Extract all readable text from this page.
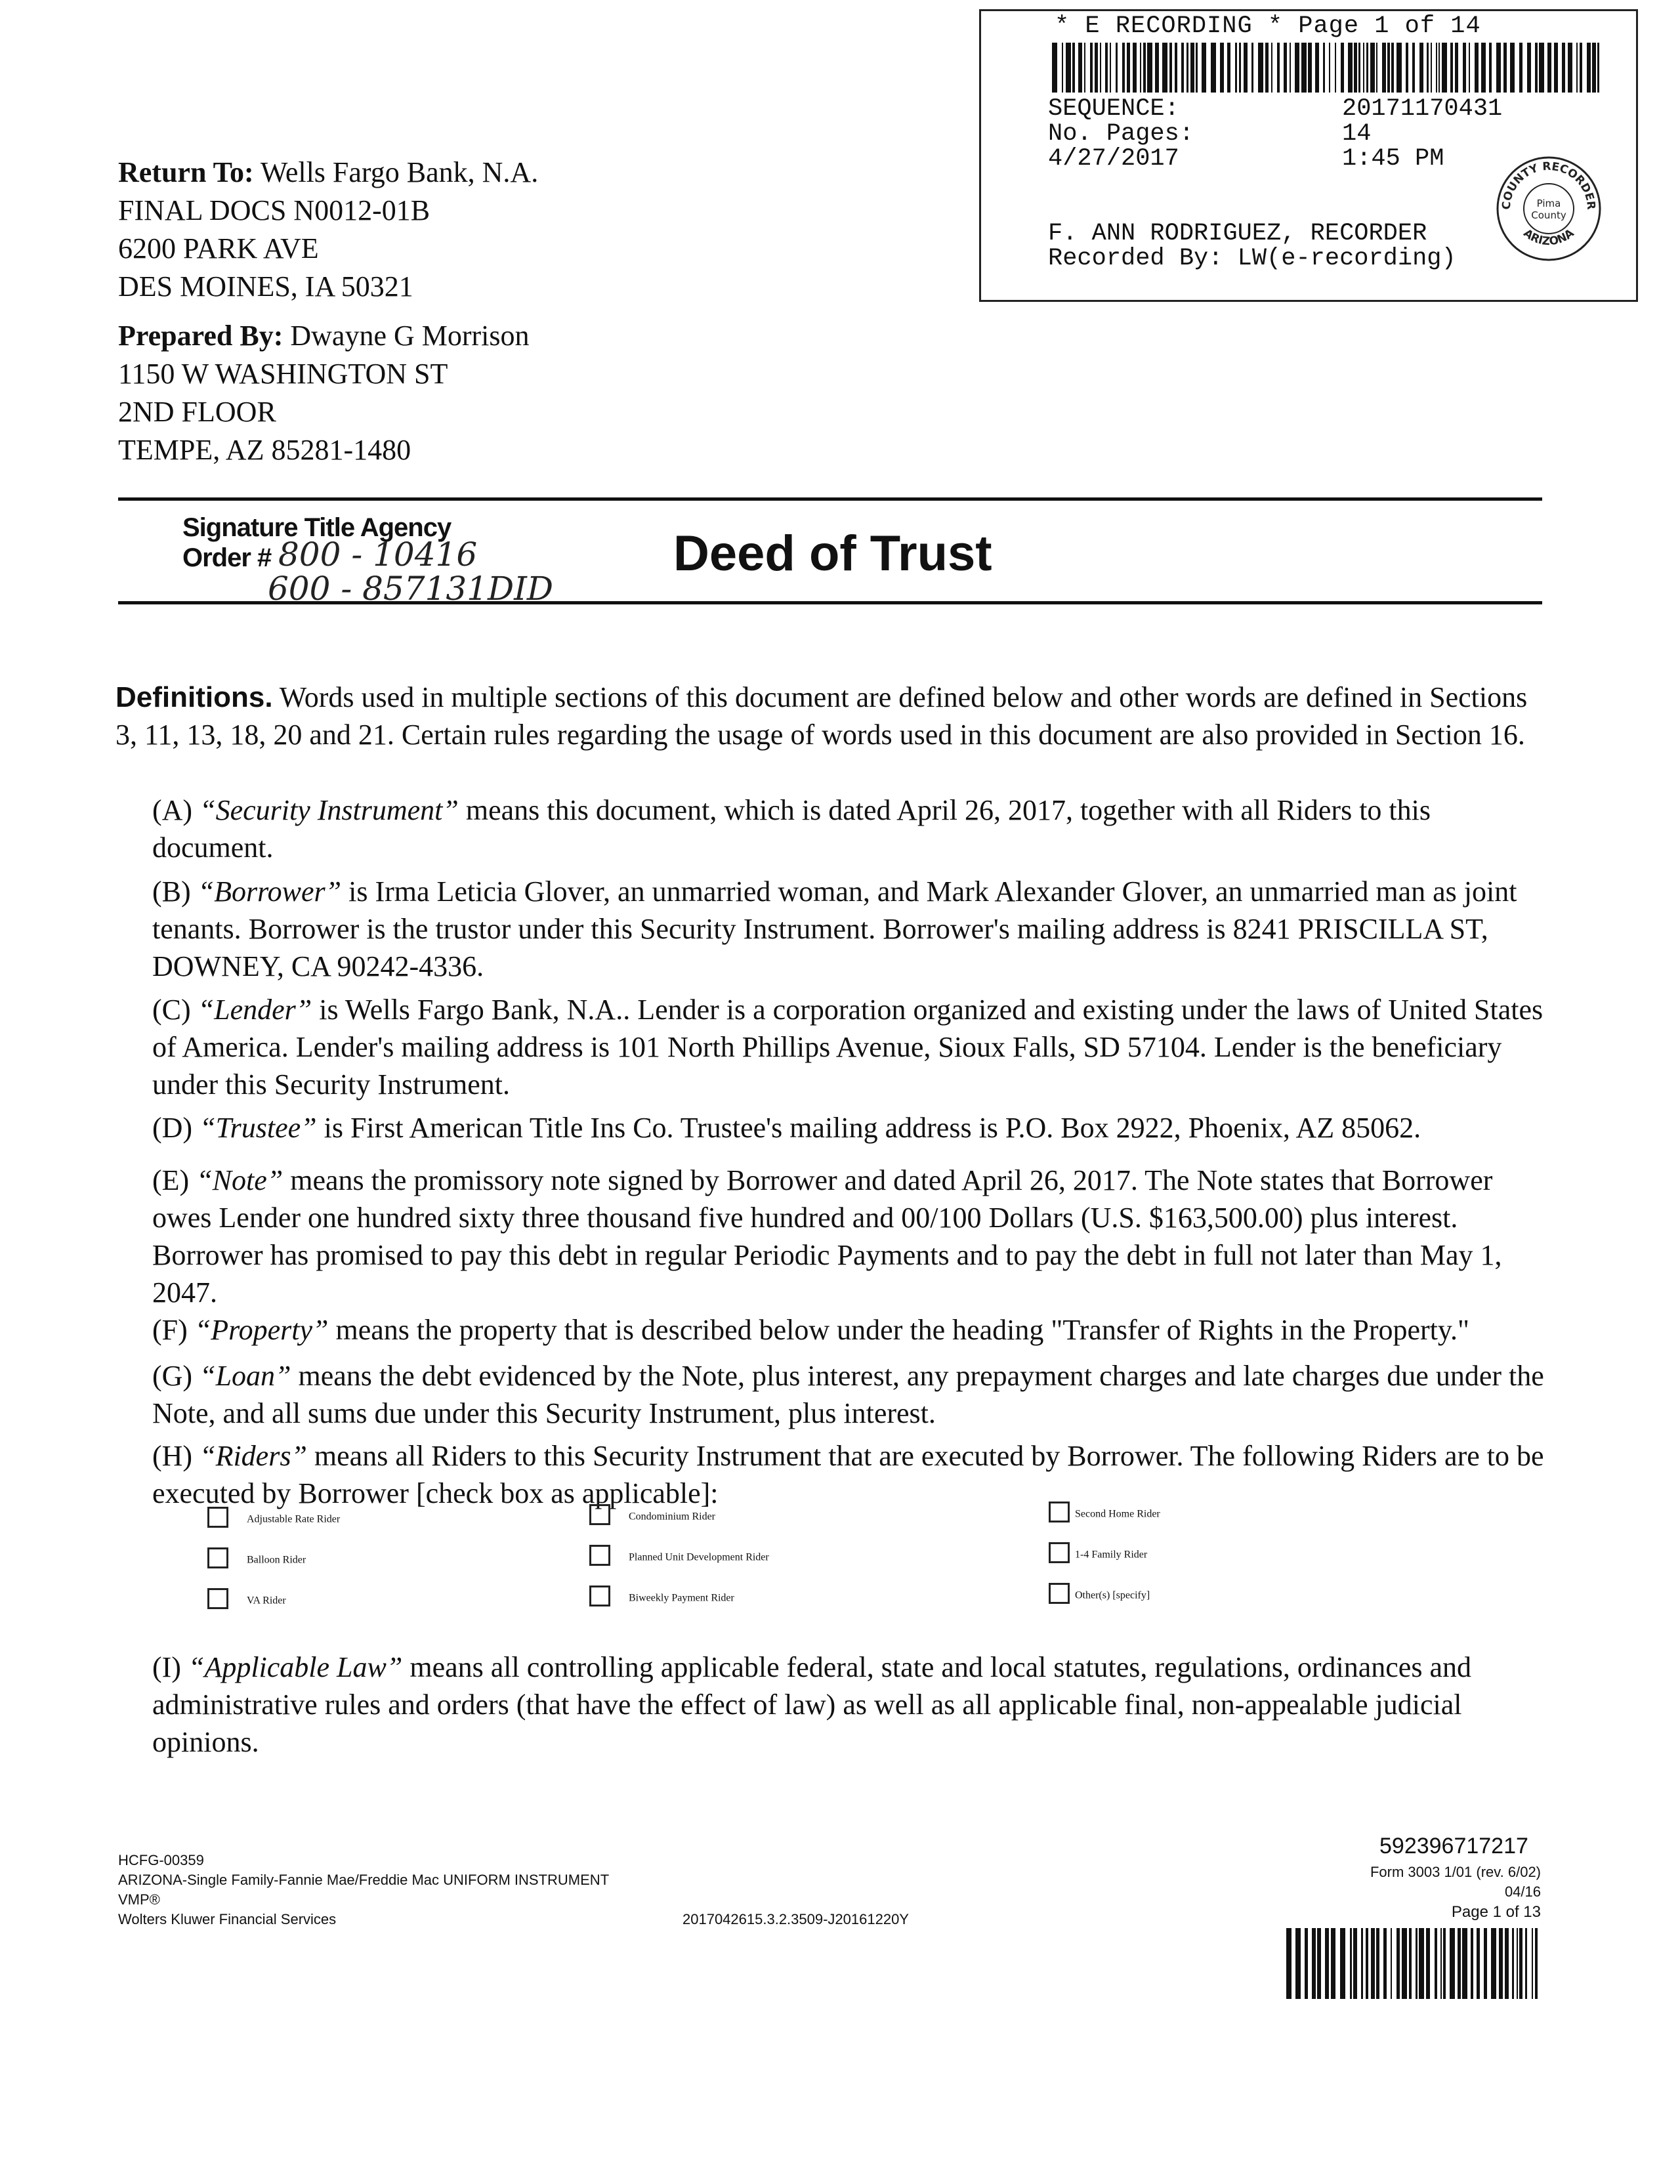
* E RECORDING * Page 1 of 14
SEQUENCE:	20171170431
No. Pages:	14
4/27/2017	1:45 PM
F. ANN RODRIGUEZ, RECORDER
Recorded By: LW(e-recording)
COUNTY RECORDER
ARIZONA
Pima
County
Return To: Wells Fargo Bank, N.A.
FINAL DOCS N0012-01B
6200 PARK AVE
DES MOINES, IA 50321
Prepared By: Dwayne G Morrison
1150 W WASHINGTON ST
2ND FLOOR
TEMPE, AZ 85281-1480
Signature Title Agency
Order # 800 - 10416
600 - 857131DID
Deed of Trust
Definitions. Words used in multiple sections of this document are defined below and other words are defined in Sections 3, 11, 13, 18, 20 and 21. Certain rules regarding the usage of words used in this document are also provided in Section 16.
(A) “Security Instrument” means this document, which is dated April 26, 2017, together with all Riders to this document.
(B) “Borrower” is Irma Leticia Glover, an unmarried woman, and Mark Alexander Glover, an unmarried man as joint tenants. Borrower is the trustor under this Security Instrument. Borrower's mailing address is 8241 PRISCILLA ST, DOWNEY, CA 90242-4336.
(C) “Lender” is Wells Fargo Bank, N.A.. Lender is a corporation organized and existing under the laws of United States of America. Lender's mailing address is 101 North Phillips Avenue, Sioux Falls, SD 57104. Lender is the beneficiary under this Security Instrument.
(D) “Trustee” is First American Title Ins Co. Trustee's mailing address is P.O. Box 2922, Phoenix, AZ 85062.
(E) “Note” means the promissory note signed by Borrower and dated April 26, 2017. The Note states that Borrower owes Lender one hundred sixty three thousand five hundred and 00/100 Dollars (U.S. $163,500.00) plus interest. Borrower has promised to pay this debt in regular Periodic Payments and to pay the debt in full not later than May 1, 2047.
(F) “Property” means the property that is described below under the heading "Transfer of Rights in the Property."
(G) “Loan” means the debt evidenced by the Note, plus interest, any prepayment charges and late charges due under the Note, and all sums due under this Security Instrument, plus interest.
(H) “Riders” means all Riders to this Security Instrument that are executed by Borrower. The following Riders are to be executed by Borrower [check box as applicable]:
Adjustable Rate Rider	Condominium Rider	Second Home Rider
Balloon Rider	Planned Unit Development Rider	1-4 Family Rider
VA Rider	Biweekly Payment Rider	Other(s) [specify]
(I) “Applicable Law” means all controlling applicable federal, state and local statutes, regulations, ordinances and administrative rules and orders (that have the effect of law) as well as all applicable final, non-appealable judicial opinions.
HCFG-00359
ARIZONA-Single Family-Fannie Mae/Freddie Mac UNIFORM INSTRUMENT
VMP®
Wolters Kluwer Financial Services	2017042615.3.2.3509-J20161220Y
592396717217
Form 3003 1/01 (rev. 6/02)
04/16
Page 1 of 13
